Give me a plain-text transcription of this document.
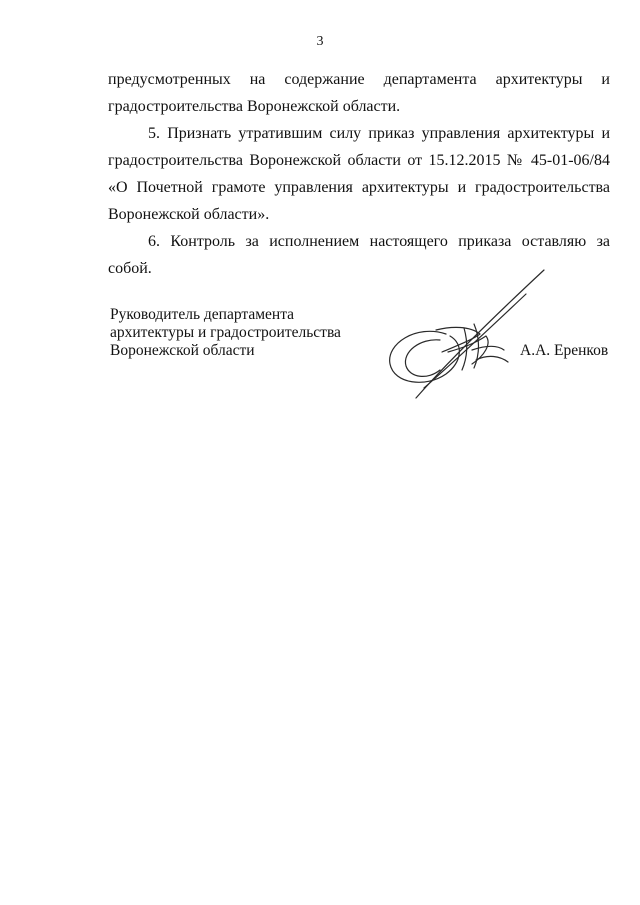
3

предусмотренных на содержание департамента архитектуры и градостроительства Воронежской области.

5. Признать утратившим силу приказ управления архитектуры и градостроительства Воронежской области от 15.12.2015 № 45-01-06/84 «О Почетной грамоте управления архитектуры и градостроительства Воронежской области».

6. Контроль за исполнением настоящего приказа оставляю за собой.

Руководитель департамента
архитектуры и градостроительства
Воронежской области	А.А. Еренков
